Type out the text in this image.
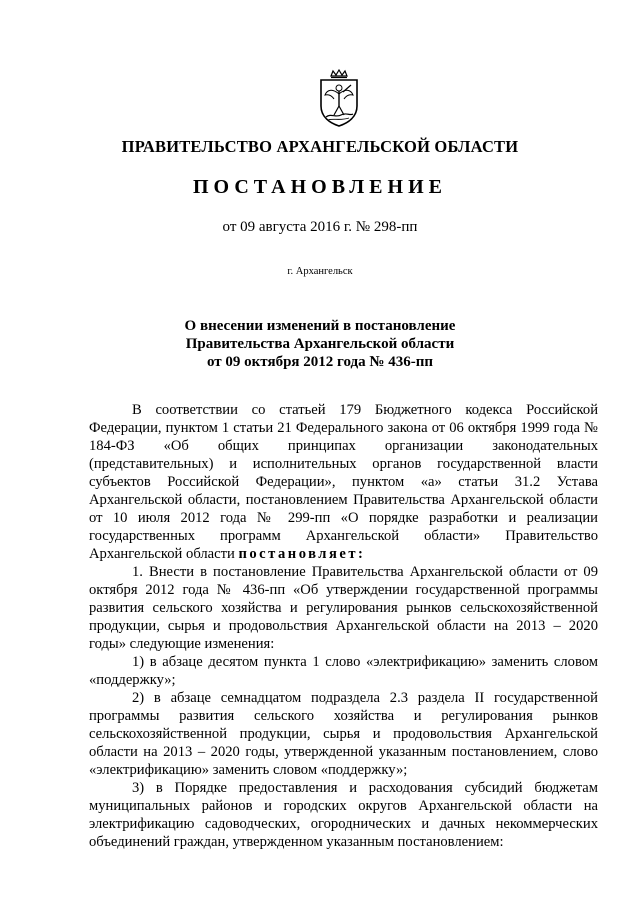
ПРАВИТЕЛЬСТВО АРХАНГЕЛЬСКОЙ ОБЛАСТИ
ПОСТАНОВЛЕНИЕ
от 09 августа 2016 г. № 298-пп
г. Архангельск
О внесении изменений в постановление
Правительства Архангельской области
от 09 октября 2012 года № 436-пп

В соответствии со статьей 179 Бюджетного кодекса Российской Федерации, пунктом 1 статьи 21 Федерального закона от 06 октября 1999 года № 184-ФЗ «Об общих принципах организации законодательных (представительных) и исполнительных органов государственной власти субъектов Российской Федерации», пунктом «а» статьи 31.2 Устава Архангельской области, постановлением Правительства Архангельской области от 10 июля 2012 года № 299-пп «О порядке разработки и реализации государственных программ Архангельской области» Правительство Архангельской области постановляет:

1. Внести в постановление Правительства Архангельской области от 09 октября 2012 года № 436-пп «Об утверждении государственной программы развития сельского хозяйства и регулирования рынков сельскохозяйственной продукции, сырья и продовольствия Архангельской области на 2013 – 2020 годы» следующие изменения:

1) в абзаце десятом пункта 1 слово «электрификацию» заменить словом «поддержку»;

2) в абзаце семнадцатом подраздела 2.3 раздела II государственной программы развития сельского хозяйства и регулирования рынков сельскохозяйственной продукции, сырья и продовольствия Архангельской области на 2013 – 2020 годы, утвержденной указанным постановлением, слово «электрификацию» заменить словом «поддержку»;

3) в Порядке предоставления и расходования субсидий бюджетам муниципальных районов и городских округов Архангельской области на электрификацию садоводческих, огороднических и дачных некоммерческих объединений граждан, утвержденном указанным постановлением:
